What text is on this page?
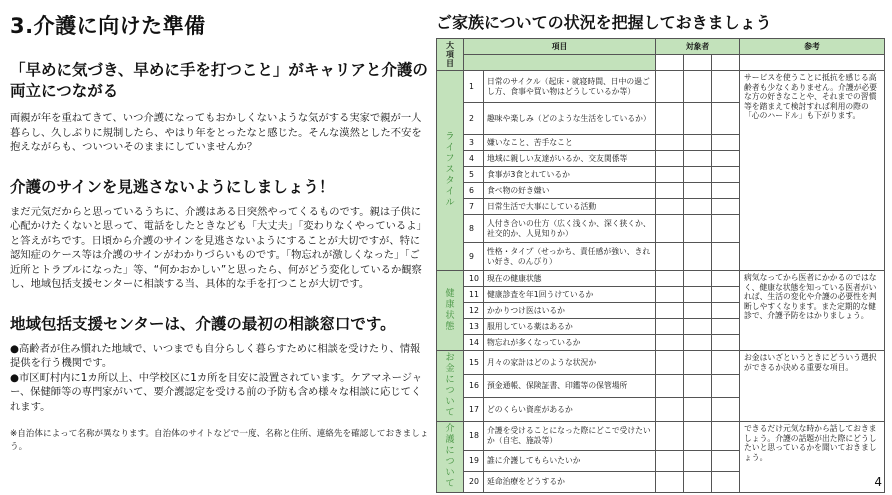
3.介護に向けた準備
「早めに気づき、早めに手を打つこと」がキャリアと介護の両立につながる
両親が年を重ねてきて、いつ介護になってもおかしくないような気がする実家で親が一人暮らし、久しぶりに規制したら、やはり年をとったなと感じた。そんな漠然とした不安を抱えながらも、ついついそのままにしていませんか？
介護のサインを見逃さないようにしましょう！
まだ元気だからと思っているうちに、介護はある日突然やってくるものです。親は子供に心配かけたくないと思って、電話をしたときなども「大丈夫」「変わりなくやっているよ」と答えがちです。日頃から介護のサインを見逃さないようにすることが大切ですが、特に認知症のケース等は介護のサインがわかりづらいものです。「物忘れが激しくなった」「ご近所とトラブルになった」等、“何かおかしい”と思ったら、何がどう変化しているか観察し、地域包括支援センターに相談する当、具体的な手を打つことが大切です。
地域包括支援センターは、介護の最初の相談窓口です。
●高齢者が住み慣れた地域で、いつまでも自分らしく暮らすために相談を受けたり、情報提供を行う機関です。
●市区町村内に1カ所以上、中学校区に1カ所を目安に設置されています。ケアマネージャー、保健師等の専門家がいて、要介護認定を受ける前の予防も含め様々な相談に応じてくれます。
※自治体によって名称が異なります。自治体のサイトなどで一度、名称と住所、連絡先を確認しておきましょう。
ご家族についての状況を把握しておきましょう
大項目	項目		対象者			参考

ライフスタイル	1	日常のサイクル（起床・就寝時間、日中の過ごし方、食事や買い物はどうしているか等）				サービスを使うことに抵抗を感じる高齢者も少なくありません。介護が必要な方の好きなことや、それまでの習慣等を踏まえて検討すれば利用の際の「心のハードル」も下がります。
	2	趣味や楽しみ（どのような生活をしているか）				
	3	嫌いなこと、苦手なこと				
	4	地域に親しい友達がいるか、交友関係等				
	5	食事が3食とれているか				
	6	食べ物の好き嫌い				
	7	日常生活で大事にしている活動				
	8	人付き合いの仕方（広く浅くか、深く狭くか、社交的か、人見知りか）				
	9	性格・タイプ（せっかち、責任感が強い、きれい好き、のんびり）				
健康状態	10	現在の健康状態				病気なってから医者にかかるのではなく、健康な状態を知っている医者がいれば、生活の変化や介護の必要性を判断しやすくなります。また定期的な健診で、介護予防をはかりましょう。
	11	健康診査を年1回うけているか				
	12	かかりつけ医はいるか				
	13	服用している薬はあるか				
	14	物忘れが多くなっているか				
お金について	15	月々の家計はどのような状況か				お金はいざというときにどういう選択ができるか決める重要な項目。
	16	預金通帳、保険証書、印鑑等の保管場所				
	17	どのくらい資産があるか				
介護について	18	介護を受けることになった際にどこで受けたいか（自宅、施設等）				できるだけ元気な時から話しておきましょう。介護の話題が出た際にどうしたいと思っているかを聞いておきましょう。
	19	誰に介護してもらいたいか				
	20	延命治療をどうするか					4
